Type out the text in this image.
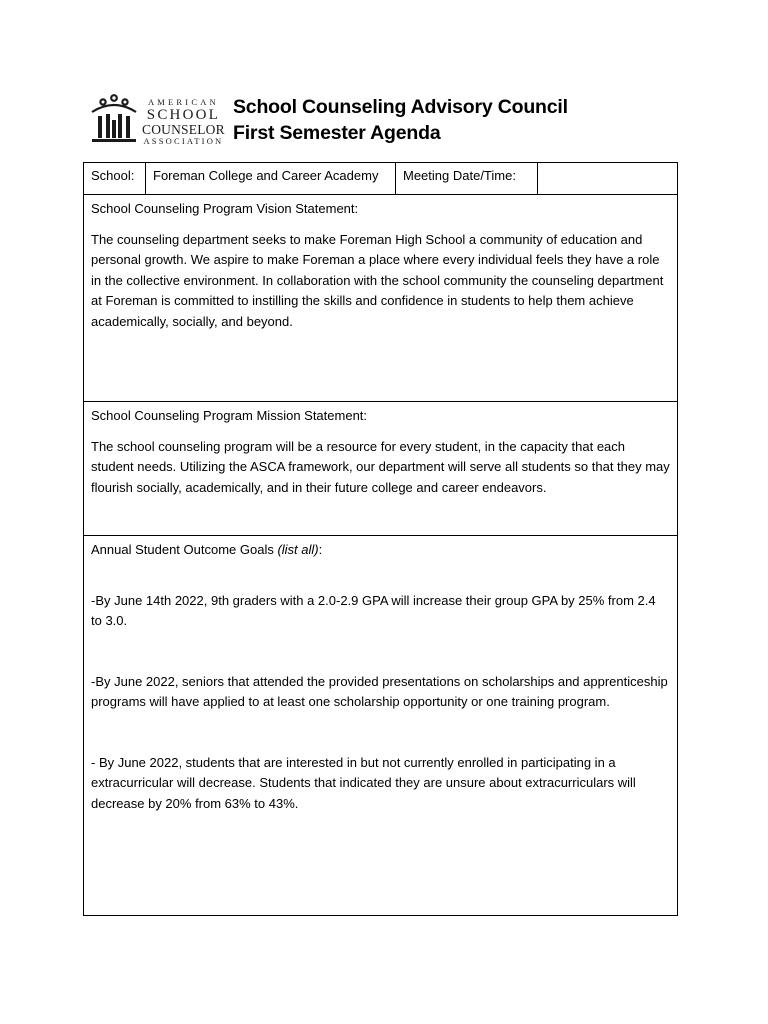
AMERICAN
SCHOOL
COUNSELOR
ASSOCIATION
School Counseling Advisory Council
First Semester Agenda
School:	Foreman College and Career Academy	Meeting Date/Time:

School Counseling Program Vision Statement:

The counseling department seeks to make Foreman High School a community of education and personal growth. We aspire to make Foreman a place where every individual feels they have a role in the collective environment. In collaboration with the school community the counseling department at Foreman is committed to instilling the skills and confidence in students to help them achieve academically, socially, and beyond.

School Counseling Program Mission Statement:

The school counseling program will be a resource for every student, in the capacity that each student needs. Utilizing the ASCA framework, our department will serve all students so that they may flourish socially, academically, and in their future college and career endeavors.

Annual Student Outcome Goals (list all):

-By June 14th 2022, 9th graders with a 2.0-2.9 GPA will increase their group GPA by 25% from 2.4 to 3.0.

-By June 2022, seniors that attended the provided presentations on scholarships and apprenticeship programs will have applied to at least one scholarship opportunity or one training program.

- By June 2022, students that are interested in but not currently enrolled in participating in a extracurricular will decrease. Students that indicated they are unsure about extracurriculars will decrease by 20% from 63% to 43%.
